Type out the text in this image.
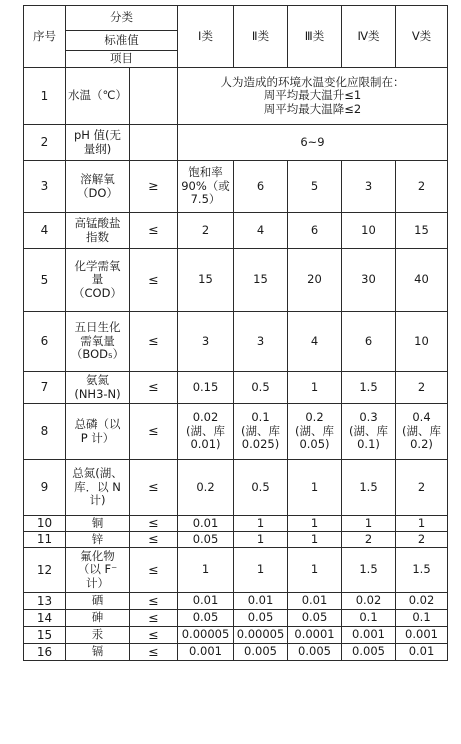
序号	分类		Ⅰ类	Ⅱ类	Ⅲ类	Ⅳ类	Ⅴ类
	标准值						
	项目						
1	水温（℃）		人为造成的环境水温变化应限制在：
周平均最大温升≤1
周平均最大温降≤2				

2	pH 值(无
量纲)		6~9				

3	溶解氧
（DO）	≥	饱和率
90%（或
7.5）	6	5	3	2

4	高锰酸盐
指数	≤	2	4	6	10	15

5	化学需氧
量
（COD）	≤	15	15	20	30	40

6	五日生化
需氧量
（BOD₅）	≤	3	3	4	6	10

7	氨氮
(NH3-N)	≤	0.15	0.5	1	1.5	2

8	总磷（以
P 计）	≤	0.02
(湖、库
0.01)	0.1
(湖、库
0.025)	0.2
(湖、库
0.05)	0.3
(湖、库
0.1)	0.4
(湖、库
0.2)

9	总氮(湖、
库．以 N
计)	≤	0.2	0.5	1	1.5	2

10	铜	≤	0.01	1	1	1	1

11	锌	≤	0.05	1	1	2	2

12	氟化物
（以 F⁻
计）	≤	1	1	1	1.5	1.5

13	硒	≤	0.01	0.01	0.01	0.02	0.02

14	砷	≤	0.05	0.05	0.05	0.1	0.1

15	汞	≤	0.00005	0.00005	0.0001	0.001	0.001

16	镉	≤	0.001	0.005	0.005	0.005	0.01
